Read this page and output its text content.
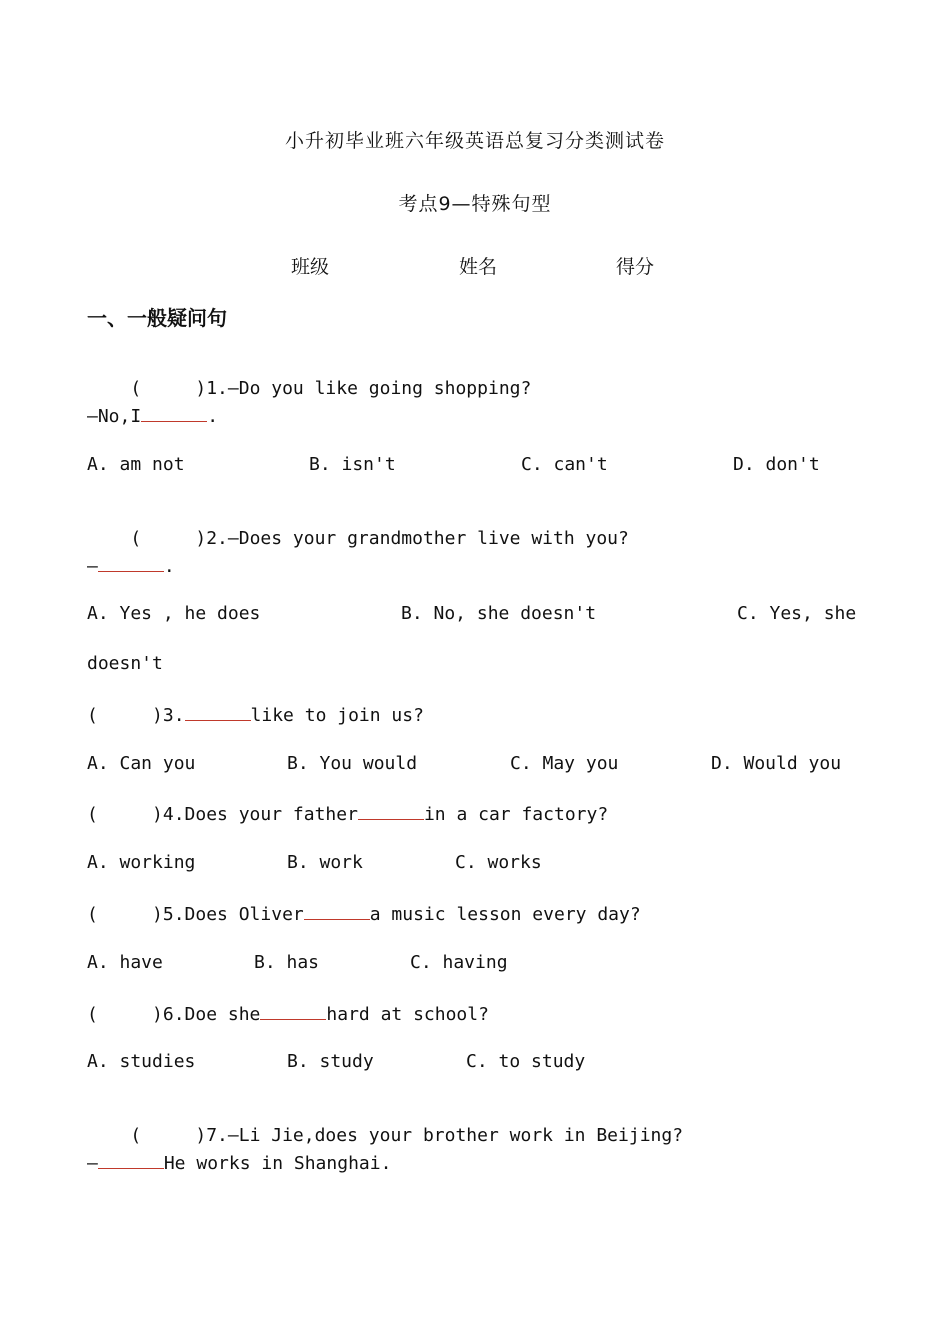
小升初毕业班六年级英语总复习分类测试卷
考点9—特殊句型
班级	姓名	得分
一、一般疑问句

(     )1.—Do you like going shopping?

—No,I	.
A. am not	B. isn't	C. can't	D. don't

(     )2.—Does your grandmother live with you?

—	.
A. Yes , he does	B. No, she doesn't	C. Yes, she
doesn't
(     )3.	like to join us?
A. Can you	B. You would	C. May you	D. Would you
(     )4.Does your father	in a car factory?
A. working	B. work	C. works
(     )5.Does Oliver	a music lesson every day?
A. have	B. has	C. having
(     )6.Doe she	hard at school?
A. studies	B. study	C. to study

(     )7.—Li Jie,does your brother work in Beijing?

—	He works in Shanghai.
